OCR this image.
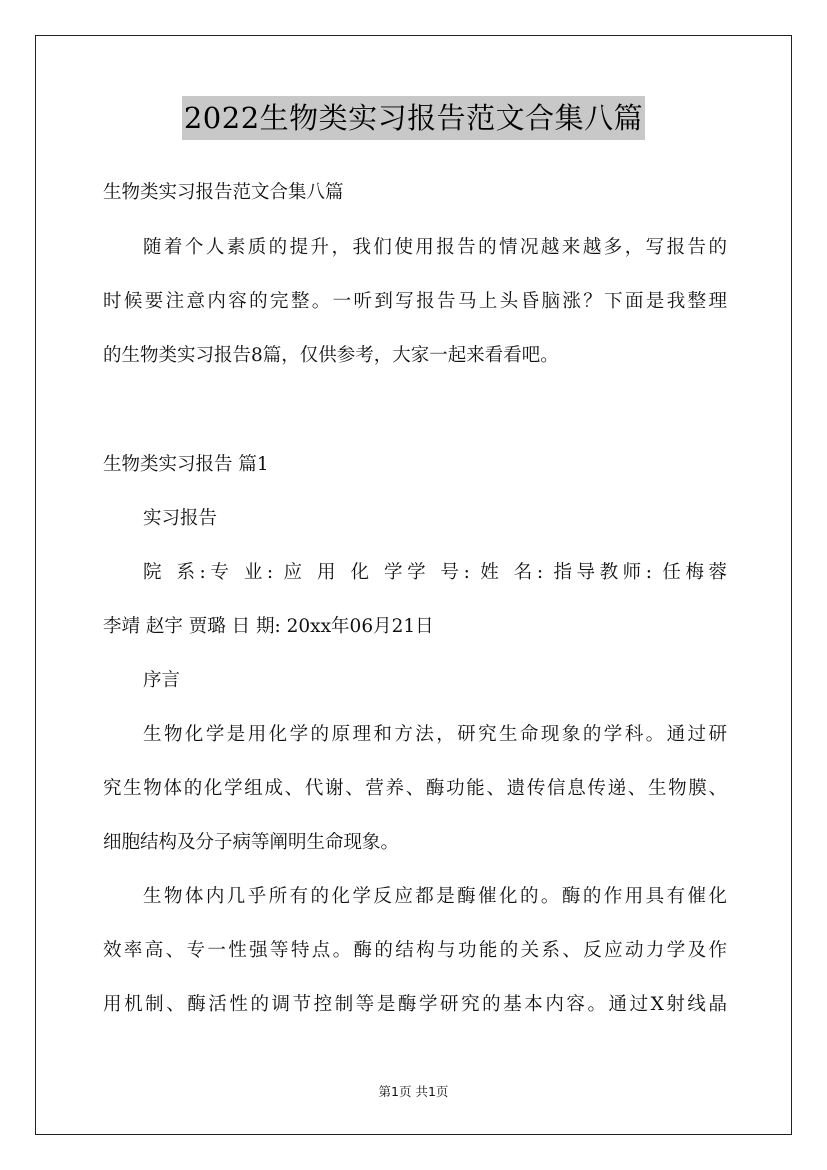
2022生物类实习报告范文合集八篇
生物类实习报告范文合集八篇
随着个人素质的提升，我们使用报告的情况越来越多，写报告的
时候要注意内容的完整。一听到写报告马上头昏脑涨？下面是我整理
的生物类实习报告8篇，仅供参考，大家一起来看看吧。
生物类实习报告 篇1
实习报告
院 系:专 业: 应 用 化 学学 号: 姓 名: 指导教师: 任梅蓉
李靖 赵宇 贾璐 日 期: 20xx年06月21日
序言
生物化学是用化学的原理和方法，研究生命现象的学科。通过研
究生物体的化学组成、代谢、营养、酶功能、遗传信息传递、生物膜、
细胞结构及分子病等阐明生命现象。
生物体内几乎所有的化学反应都是酶催化的。酶的作用具有催化
效率高、专一性强等特点。酶的结构与功能的关系、反应动力学及作
用机制、酶活性的调节控制等是酶学研究的基本内容。通过X射线晶
第1页 共1页
